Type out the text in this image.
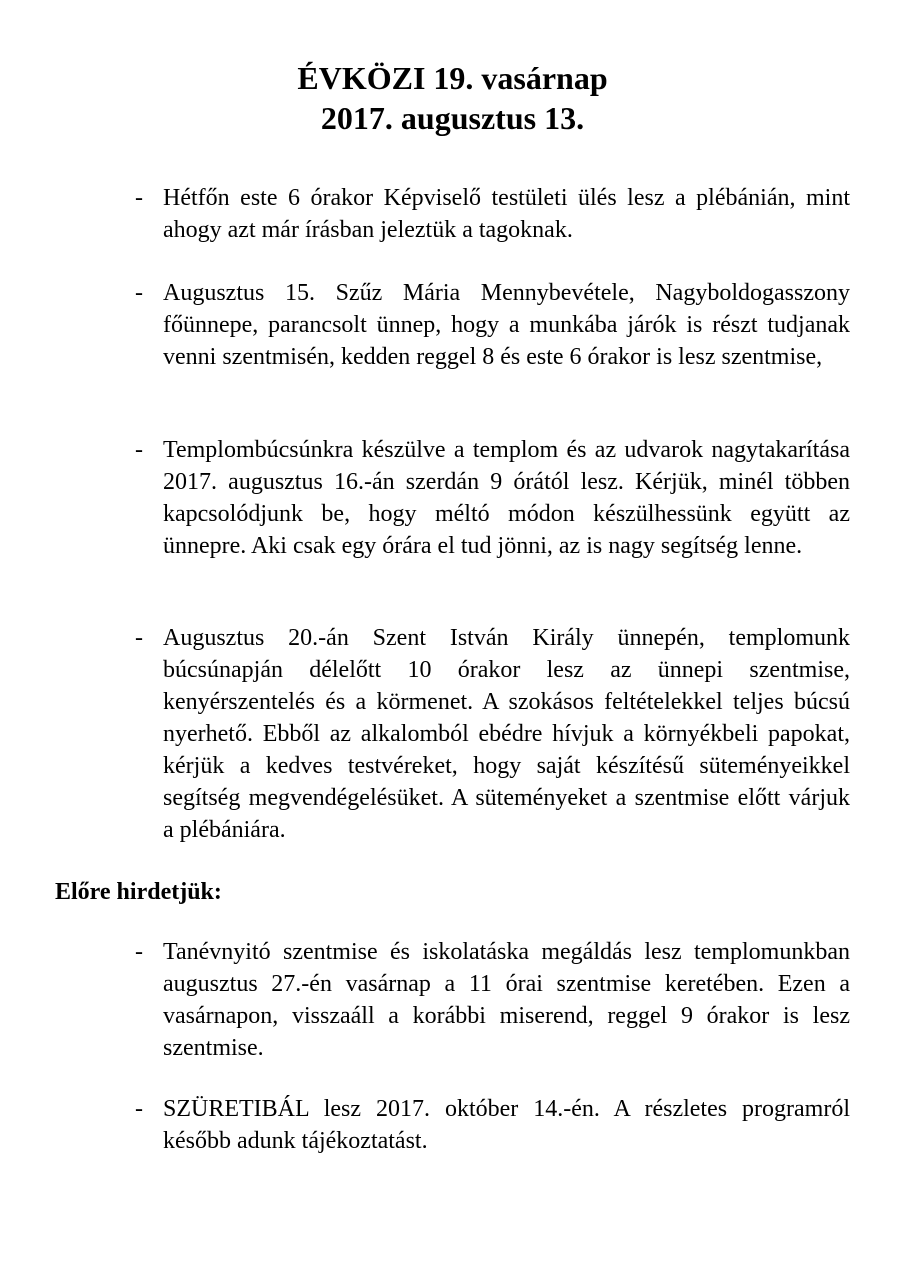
ÉVKÖZI 19. vasárnap
2017. augusztus 13.
- Hétfőn este 6 órakor Képviselő testületi ülés lesz a plébánián, mint ahogy azt már írásban jeleztük a tagoknak.
- Augusztus 15. Szűz Mária Mennybevétele, Nagyboldogasszony főünnepe, parancsolt ünnep, hogy a munkába járók is részt tudjanak venni szentmisén, kedden reggel 8 és este 6 órakor is lesz szentmise,
- Templombúcsúnkra készülve a templom és az udvarok nagytakarítása 2017. augusztus 16.-án szerdán 9 órától lesz. Kérjük, minél többen kapcsolódjunk be, hogy méltó módon készülhessünk együtt az ünnepre. Aki csak egy órára el tud jönni, az is nagy segítség lenne.
- Augusztus 20.-án Szent István Király ünnepén, templomunk búcsúnapján délelőtt 10 órakor lesz az ünnepi szentmise, kenyérszentelés és a körmenet. A szokásos feltételekkel teljes búcsú nyerhető. Ebből az alkalomból ebédre hívjuk a környékbeli papokat, kérjük a kedves testvéreket, hogy saját készítésű süteményeikkel segítség megvendégelésüket. A süteményeket a szentmise előtt várjuk a plébániára.
Előre hirdetjük:
- Tanévnyitó szentmise és iskolatáska megáldás lesz templomunkban augusztus 27.-én vasárnap a 11 órai szentmise keretében. Ezen a vasárnapon, visszaáll a korábbi miserend, reggel 9 órakor is lesz szentmise.
- SZÜRETIBÁL lesz 2017. október 14.-én. A részletes programról később adunk tájékoztatást.
